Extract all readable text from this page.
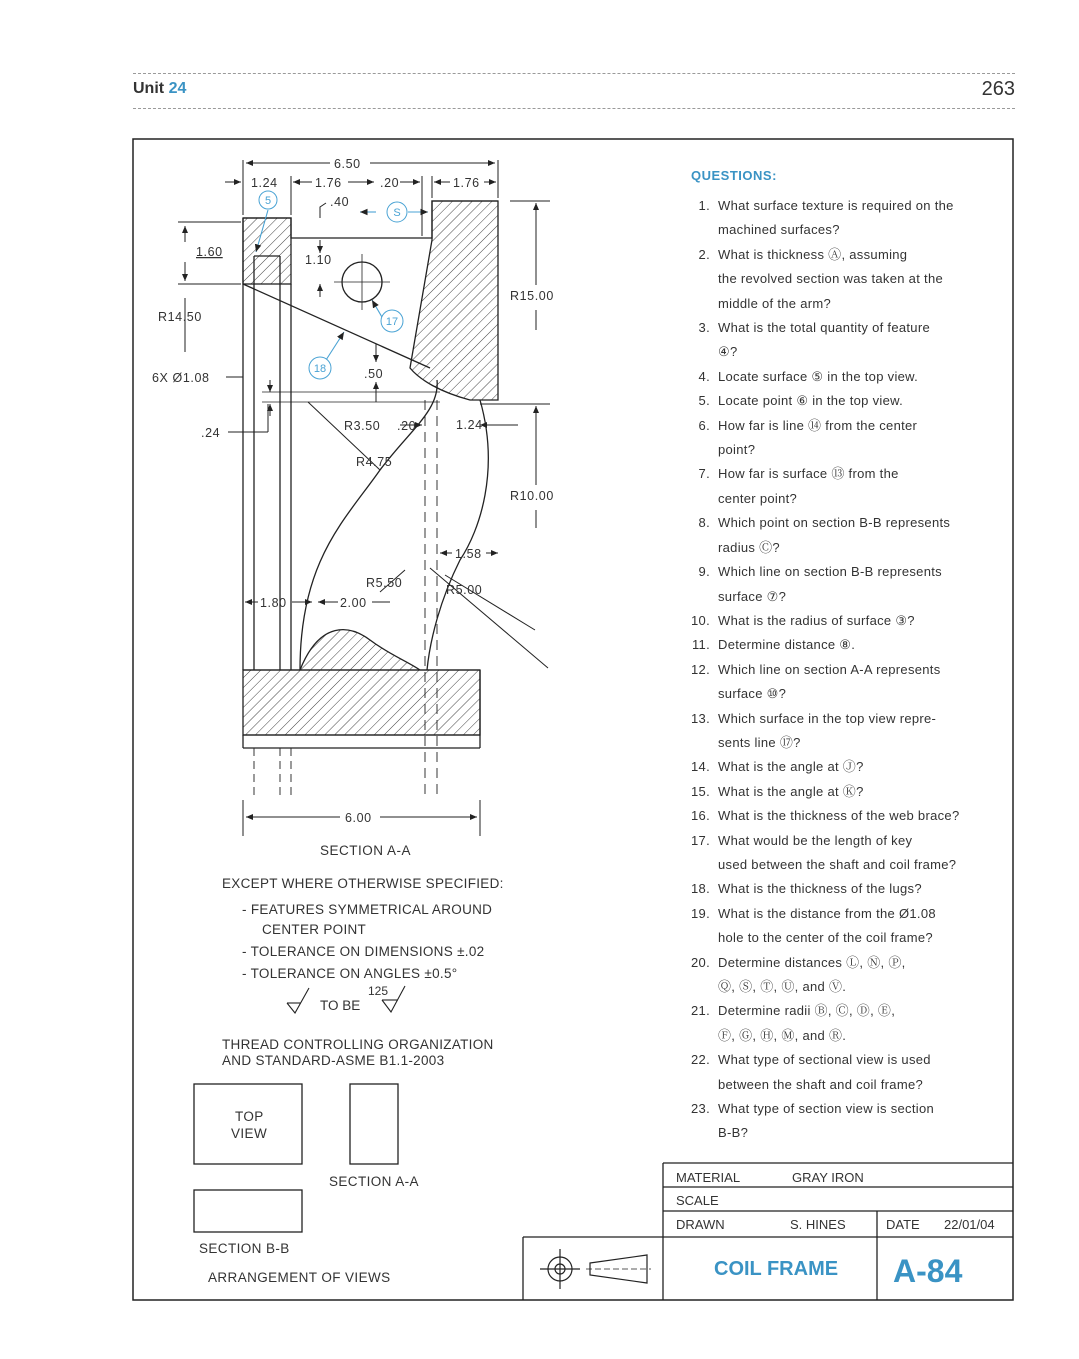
Unit 24	263
5
S
17
18
6.50
1.24	1.76	.20	1.76
.40
1.60
1.10
R14.50
6X Ø1.08	.50
.24	R3.50 .20	1.24
R4.75
R15.00
R10.00
1.58
R5.50	R5.00
1.80	2.00
6.00
SECTION A-A
TO BE
125
TOP
VIEW
SECTION A-A
SECTION B-B
ARRANGEMENT OF VIEWS
MATERIAL	GRAY IRON
SCALE
DRAWN	S. HINES	DATE 22/01/04
COIL FRAME A-84
EXCEPT WHERE OTHERWISE SPECIFIED:
- FEATURES SYMMETRICAL AROUND
CENTER POINT
- TOLERANCE ON DIMENSIONS ±.02
- TOLERANCE ON ANGLES ±0.5°
THREAD CONTROLLING ORGANIZATION
AND STANDARD-ASME B1.1-2003
QUESTIONS:
1. What surface texture is required on the
machined surfaces?
2. What is thickness Ⓐ, assuming
the revolved section was taken at the
middle of the arm?
3. What is the total quantity of feature
④?
4. Locate surface ⑤ in the top view.
5. Locate point ⑥ in the top view.
6. How far is line ⑭ from the center
point?
7. How far is surface ⑬ from the
center point?
8. Which point on section B-B represents
radius Ⓒ?
9. Which line on section B-B represents
surface ⑦?
10. What is the radius of surface ③?
11. Determine distance ⑧.
12. Which line on section A-A represents
surface ⑩?
13. Which surface in the top view repre-
sents line ⑰?
14. What is the angle at Ⓙ?
15. What is the angle at Ⓚ?
16. What is the thickness of the web brace?
17. What would be the length of key
used between the shaft and coil frame?
18. What is the thickness of the lugs?
19. What is the distance from the Ø1.08
hole to the center of the coil frame?
20. Determine distances Ⓛ, Ⓝ, Ⓟ,
Ⓠ, Ⓢ, Ⓣ, Ⓤ, and Ⓥ.
21. Determine radii Ⓑ, Ⓒ, Ⓓ, Ⓔ,
Ⓕ, Ⓖ, Ⓗ, Ⓜ, and Ⓡ.
22. What type of sectional view is used
between the shaft and coil frame?
23. What type of section view is section
B-B?
